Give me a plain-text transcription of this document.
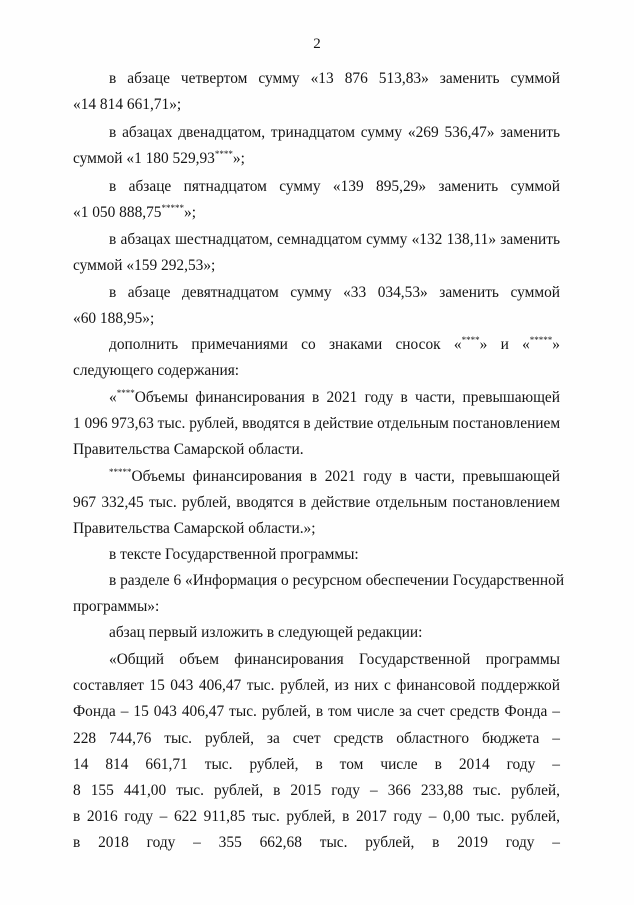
2
в абзаце четвертом сумму «13 876 513,83» заменить суммой
«14 814 661,71»;
в абзацах двенадцатом, тринадцатом сумму «269 536,47» заменить
суммой «1 180 529,93****»;
в абзаце пятнадцатом сумму «139 895,29» заменить суммой
«1 050 888,75*****»;
в абзацах шестнадцатом, семнадцатом сумму «132 138,11» заменить
суммой «159 292,53»;
в абзаце девятнадцатом сумму «33 034,53» заменить суммой
«60 188,95»;
дополнить примечаниями со знаками сносок «****» и «*****»
следующего содержания:
«****Объемы финансирования в 2021 году в части, превышающей
1 096 973,63 тыс. рублей, вводятся в действие отдельным постановлением
Правительства Самарской области.
*****Объемы финансирования в 2021 году в части, превышающей
967 332,45 тыс. рублей, вводятся в действие отдельным постановлением
Правительства Самарской области.»;
в тексте Государственной программы:
в разделе 6 «Информация о ресурсном обеспечении Государственной
программы»:
абзац первый изложить в следующей редакции:
«Общий объем финансирования Государственной программы
составляет 15 043 406,47 тыс. рублей, из них с финансовой поддержкой
Фонда – 15 043 406,47 тыс. рублей, в том числе за счет средств Фонда –
228 744,76 тыс. рублей, за счет средств областного бюджета –
14 814 661,71 тыс. рублей, в том числе в 2014 году –
8 155 441,00 тыс. рублей, в 2015 году – 366 233,88 тыс. рублей,
в 2016 году – 622 911,85 тыс. рублей, в 2017 году – 0,00 тыс. рублей,
в 2018 году – 355 662,68 тыс. рублей, в 2019 году –
